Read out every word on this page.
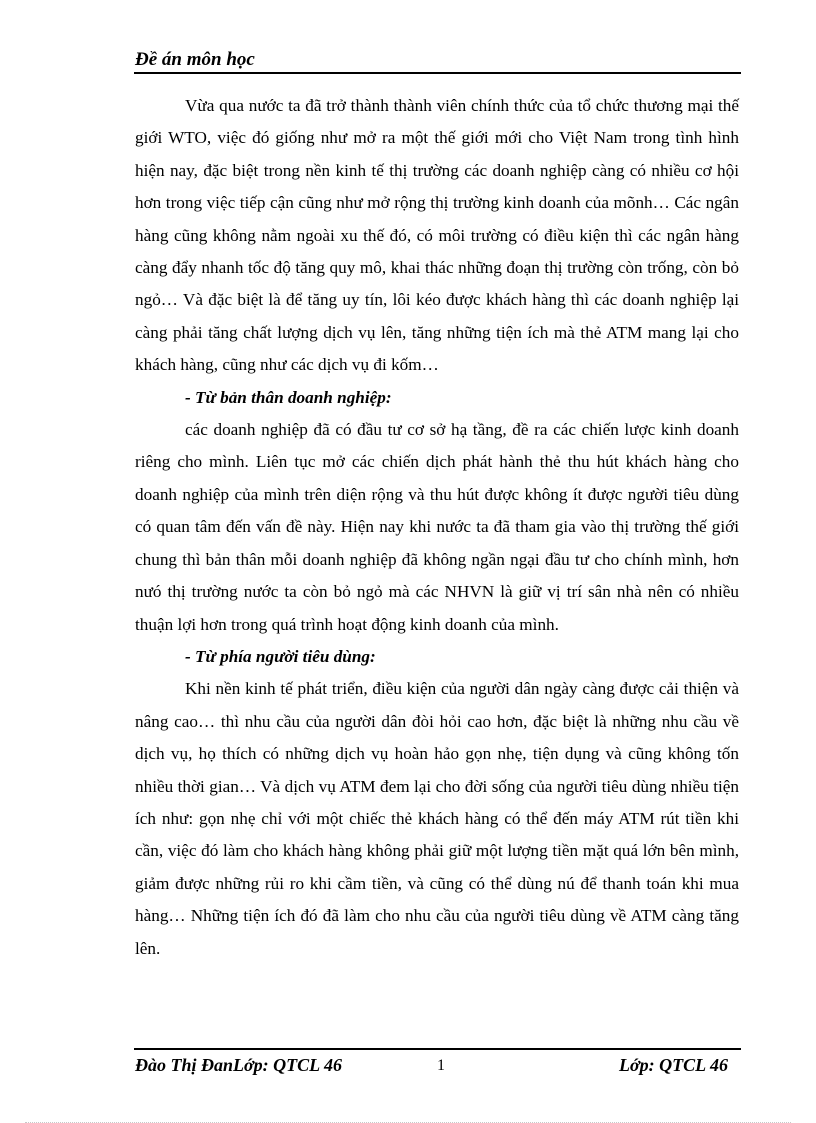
Đề án môn học

Vừa qua nước ta đã trở thành thành viên chính thức của tổ chức thương mại thế giới WTO, việc đó giống như mở ra một thế giới mới cho Việt Nam trong tình hình hiện nay, đặc biệt trong nền kinh tế thị trường các doanh nghiệp càng có nhiều cơ hội hơn trong việc tiếp cận cũng như mở rộng thị trường kinh doanh của mõnh… Các ngân hàng cũng không nằm ngoài xu thế đó, có môi trường có điều kiện thì các ngân hàng càng đẩy nhanh tốc độ tăng quy mô, khai thác những đoạn thị trường còn trống, còn bỏ ngỏ… Và đặc biệt là để tăng uy tín, lôi kéo được khách hàng thì các doanh nghiệp lại càng phải tăng chất lượng dịch vụ lên, tăng những tiện ích mà thẻ ATM mang lại cho khách hàng, cũng như các dịch vụ đi kốm…

- Từ bản thân doanh nghiệp:

các doanh nghiệp đã có đầu tư cơ sở hạ tầng, đề ra các chiến lược kinh doanh riêng cho mình. Liên tục mở các chiến dịch phát hành thẻ thu hút khách hàng cho doanh nghiệp của mình trên diện rộng và thu hút được không ít được người tiêu dùng có quan tâm đến vấn đề này. Hiện nay khi nước ta đã tham gia vào thị trường thế giới chung thì bản thân mỗi doanh nghiệp đã không ngần ngại đầu tư cho chính mình, hơn nưó thị trường nước ta còn bỏ ngỏ mà các NHVN là giữ vị trí sân nhà nên có nhiều thuận lợi hơn trong quá trình hoạt động kinh doanh của mình.

- Từ phía người tiêu dùng:

Khi nền kinh tế phát triển, điều kiện của người dân ngày càng được cải thiện và nâng cao… thì nhu cầu của người dân đòi hỏi cao hơn, đặc biệt là những nhu cầu về dịch vụ, họ thích có những dịch vụ hoàn hảo gọn nhẹ, tiện dụng và cũng không tốn nhiều thời gian… Và dịch vụ ATM đem lại cho đời sống của người tiêu dùng nhiều tiện ích như: gọn nhẹ chỉ với một chiếc thẻ khách hàng có thể đến máy ATM rút tiền khi cần, việc đó làm cho khách hàng không phải giữ một lượng tiền mặt quá lớn bên mình, giảm được những rủi ro khi cầm tiền, và cũng có thể dùng nú để thanh toán khi mua hàng… Những tiện ích đó đã làm cho nhu cầu của người tiêu dùng về ATM càng tăng lên.

Đào Thị ĐanLớp: QTCL 46	1	Lớp: QTCL 46
